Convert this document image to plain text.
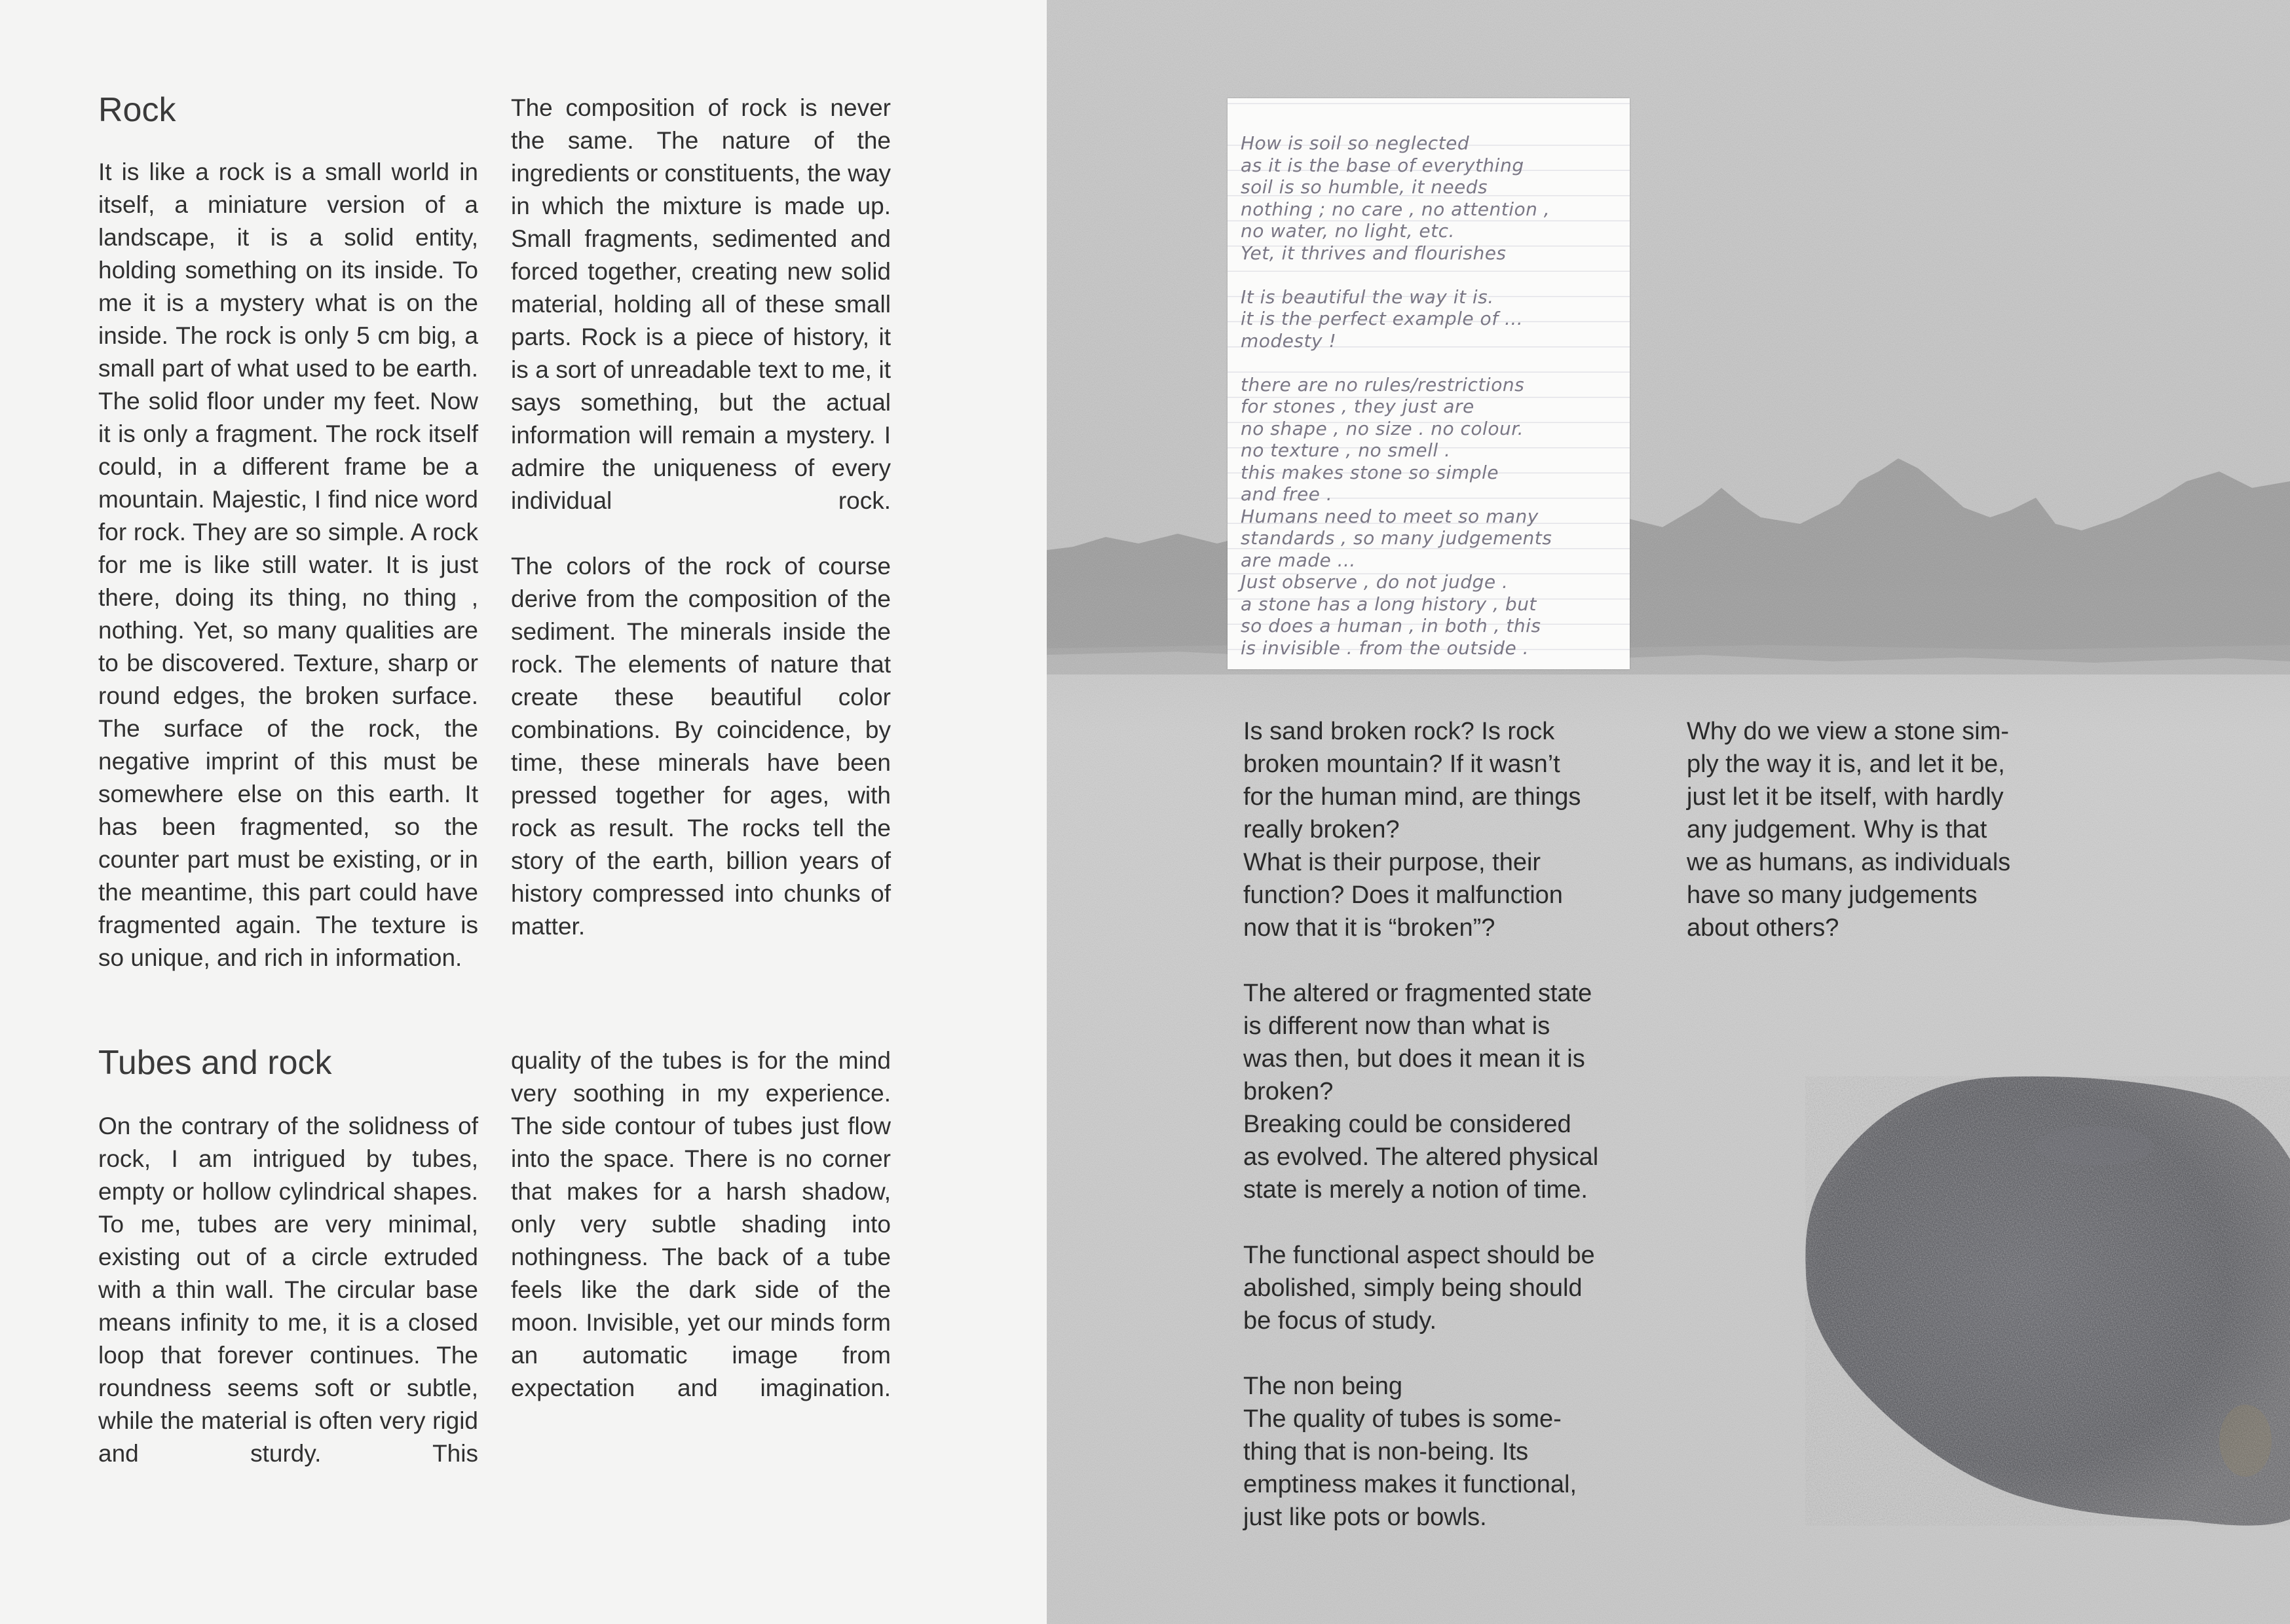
Rock

It is like a rock is a small world in itself, a miniature version of a landscape, it is a solid entity, holding something on its inside. To me it is a mystery what is on the inside. The rock is only 5 cm big, a small part of what used to be earth. The solid floor under my feet. Now it is only a fragment. The rock itself could, in a different frame be a mountain. Majestic, I find nice word for rock. They are so simple. A rock for me is like still water. It is just there, doing its thing, no thing , nothing. Yet, so many qualities are to be discovered. Texture, sharp or round edges, the broken surface. The surface of the rock, the negative imprint of this must be somewhere else on this earth. It has been fragmented, so the counter part must be existing, or in the meantime, this part could have fragmented again. The texture is so unique, and rich in information.

The composition of rock is never the same. The nature of the ingredients or constituents, the way in which the mixture is made up. Small fragments, sedimented and forced together, creating new solid material, holding all of these small parts. Rock is a piece of history, it is a sort of unreadable text to me, it says something, but the actual information will remain a mystery. I admire the uniqueness of every individual rock.

The colors of the rock of course derive from the composition of the sediment. The minerals inside the rock. The elements of nature that create these beautiful color combinations. By coincidence, by time, these minerals have been pressed together for ages, with rock as result. The rocks tell the story of the earth, billion years of history compressed into chunks of matter.

Tubes and rock

On the contrary of the solidness of rock, I am intrigued by tubes, empty or hollow cylindrical shapes. To me, tubes are very minimal, existing out of a circle extruded with a thin wall. The circular base means infinity to me, it is a closed loop that forever continues. The roundness seems soft or subtle, while the material is often very rigid and sturdy. This

quality of the tubes is for the mind very soothing in my experience. The side contour of tubes just flow into the space. There is no corner that makes for a harsh shadow, only very subtle shading into nothingness. The back of a tube feels like the dark side of the moon. Invisible, yet our minds form an automatic image from expectation and imagination.

How is soil so neglected
as it is the base of everything
soil is so humble, it needs
nothing ; no care , no attention ,
no water, no light, etc.
Yet, it thrives and flourishes
It is beautiful the way it is.
it is the perfect example of ...
modesty !
there are no rules/restrictions
for stones , they just are
no shape , no size . no colour.
no texture , no smell .
this makes stone so simple
and free .
Humans need to meet so many
standards , so many judgements
are made ...
Just observe , do not judge .
a stone has a long history , but
so does a human , in both , this
is invisible . from the outside .
Is sand broken rock? Is rock
broken mountain? If it wasn’t
for the human mind, are things
really broken?
What is their purpose, their
function? Does it malfunction
now that it is “broken”?
The altered or fragmented state
is different now than what is
was then, but does it mean it is
broken?
Breaking could be considered
as evolved. The altered physical
state is merely a notion of time.
The functional aspect should be
abolished, simply being should
be focus of study.
The non being
The quality of tubes is some-
thing that is non-being. Its
emptiness makes it functional,
just like pots or bowls.
Why do we view a stone sim-
ply the way it is, and let it be,
just let it be itself, with hardly
any judgement. Why is that
we as humans, as individuals
have so many judgements
about others?
